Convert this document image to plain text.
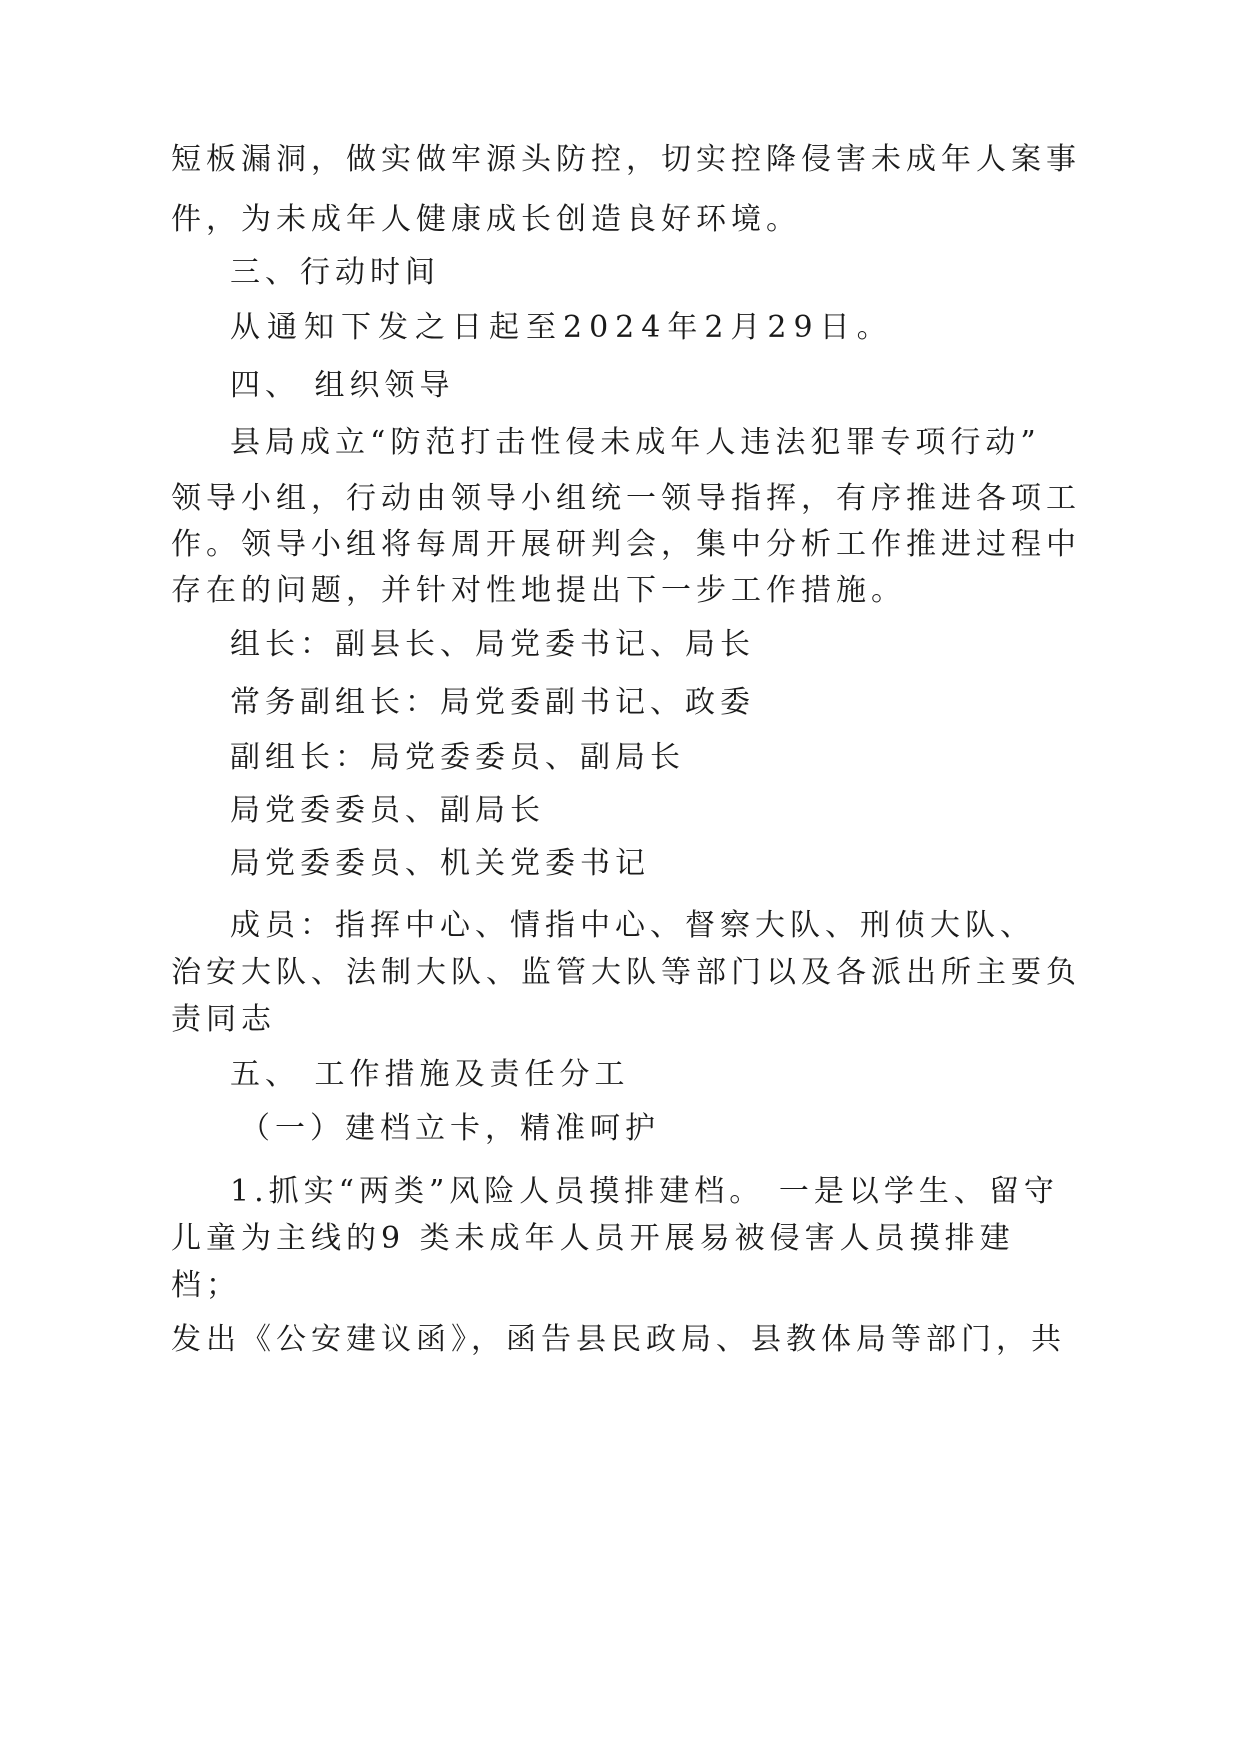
短板漏洞，做实做牢源头防控，切实控降侵害未成年人案事
件，为未成年人健康成长创造良好环境。
三、行动时间
从通知下发之日起至2024年2月29日。
四、 组织领导
县局成立“防范打击性侵未成年人违法犯罪专项行动”
领导小组，行动由领导小组统一领导指挥，有序推进各项工
作。领导小组将每周开展研判会，集中分析工作推进过程中
存在的问题，并针对性地提出下一步工作措施。
组长：副县长、局党委书记、局长
常务副组长：局党委副书记、政委
副组长：局党委委员、副局长
局党委委员、副局长
局党委委员、机关党委书记
成员：指挥中心、情指中心、督察大队、刑侦大队、
治安大队、法制大队、监管大队等部门以及各派出所主要负
责同志
五、 工作措施及责任分工
（一）建档立卡，精准呵护
1.抓实“两类”风险人员摸排建档。 一是以学生、留守
儿童为主线的9 类未成年人员开展易被侵害人员摸排建
档；
发出《公安建议函》，函告县民政局、县教体局等部门，共
